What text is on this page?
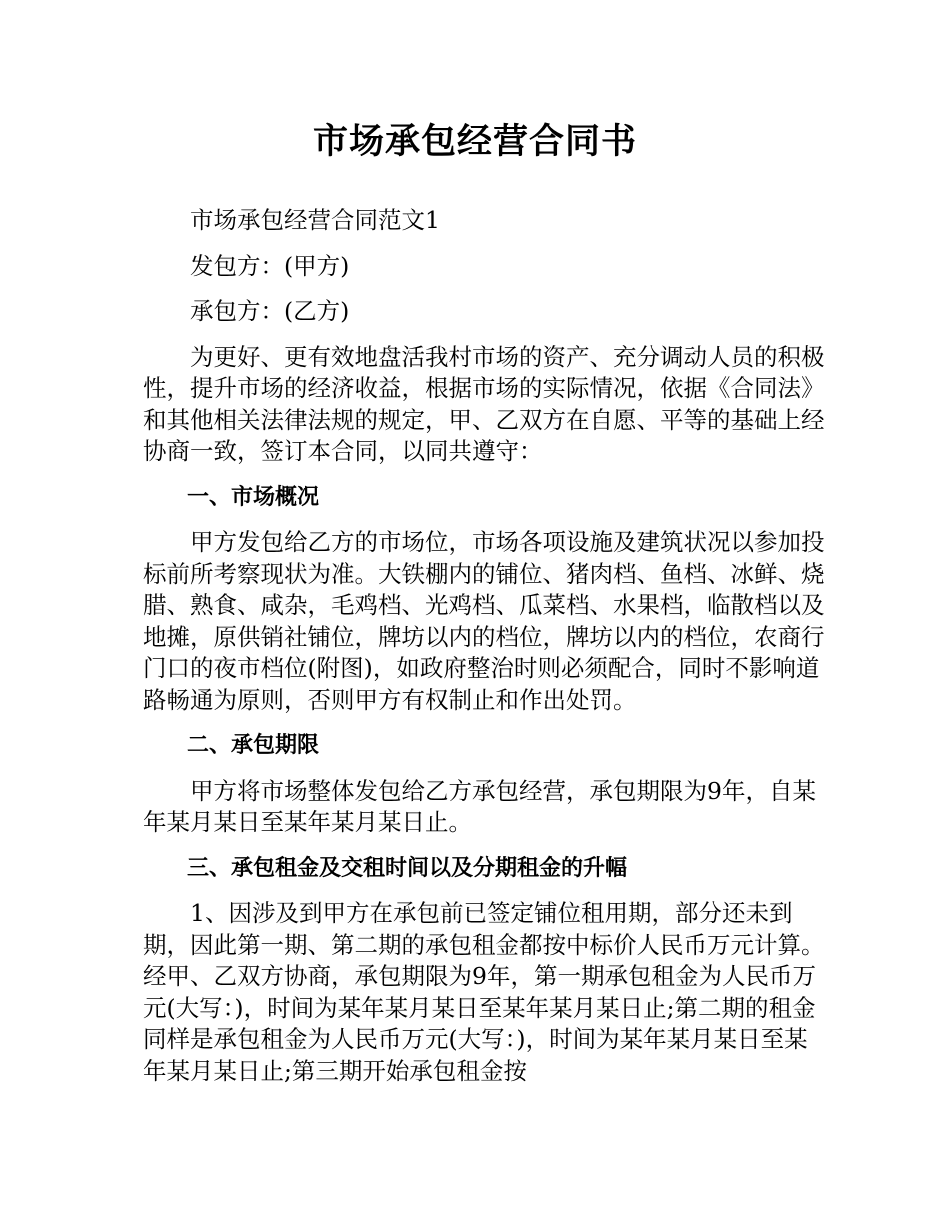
市场承包经营合同书

市场承包经营合同范文1

发包方：(甲方)

承包方：(乙方)

为更好、更有效地盘活我村市场的资产、充分调动人员的积极性，提升市场的经济收益，根据市场的实际情况，依据《合同法》和其他相关法律法规的规定，甲、乙双方在自愿、平等的基础上经协商一致，签订本合同，以同共遵守：

一、市场概况

甲方发包给乙方的市场位，市场各项设施及建筑状况以参加投标前所考察现状为准。大铁棚内的铺位、猪肉档、鱼档、冰鲜、烧腊、熟食、咸杂，毛鸡档、光鸡档、瓜菜档、水果档，临散档以及地摊，原供销社铺位，牌坊以内的档位，牌坊以内的档位，农商行门口的夜市档位(附图)，如政府整治时则必须配合，同时不影响道路畅通为原则，否则甲方有权制止和作出处罚。

二、承包期限

甲方将市场整体发包给乙方承包经营，承包期限为9年，自某年某月某日至某年某月某日止。

三、承包租金及交租时间以及分期租金的升幅

1、因涉及到甲方在承包前已签定铺位租用期，部分还未到期，因此第一期、第二期的承包租金都按中标价人民币万元计算。经甲、乙双方协商，承包期限为9年，第一期承包租金为人民币万元(大写：)，时间为某年某月某日至某年某月某日止;第二期的租金同样是承包租金为人民币万元(大写：)，时间为某年某月某日至某年某月某日止;第三期开始承包租金按
